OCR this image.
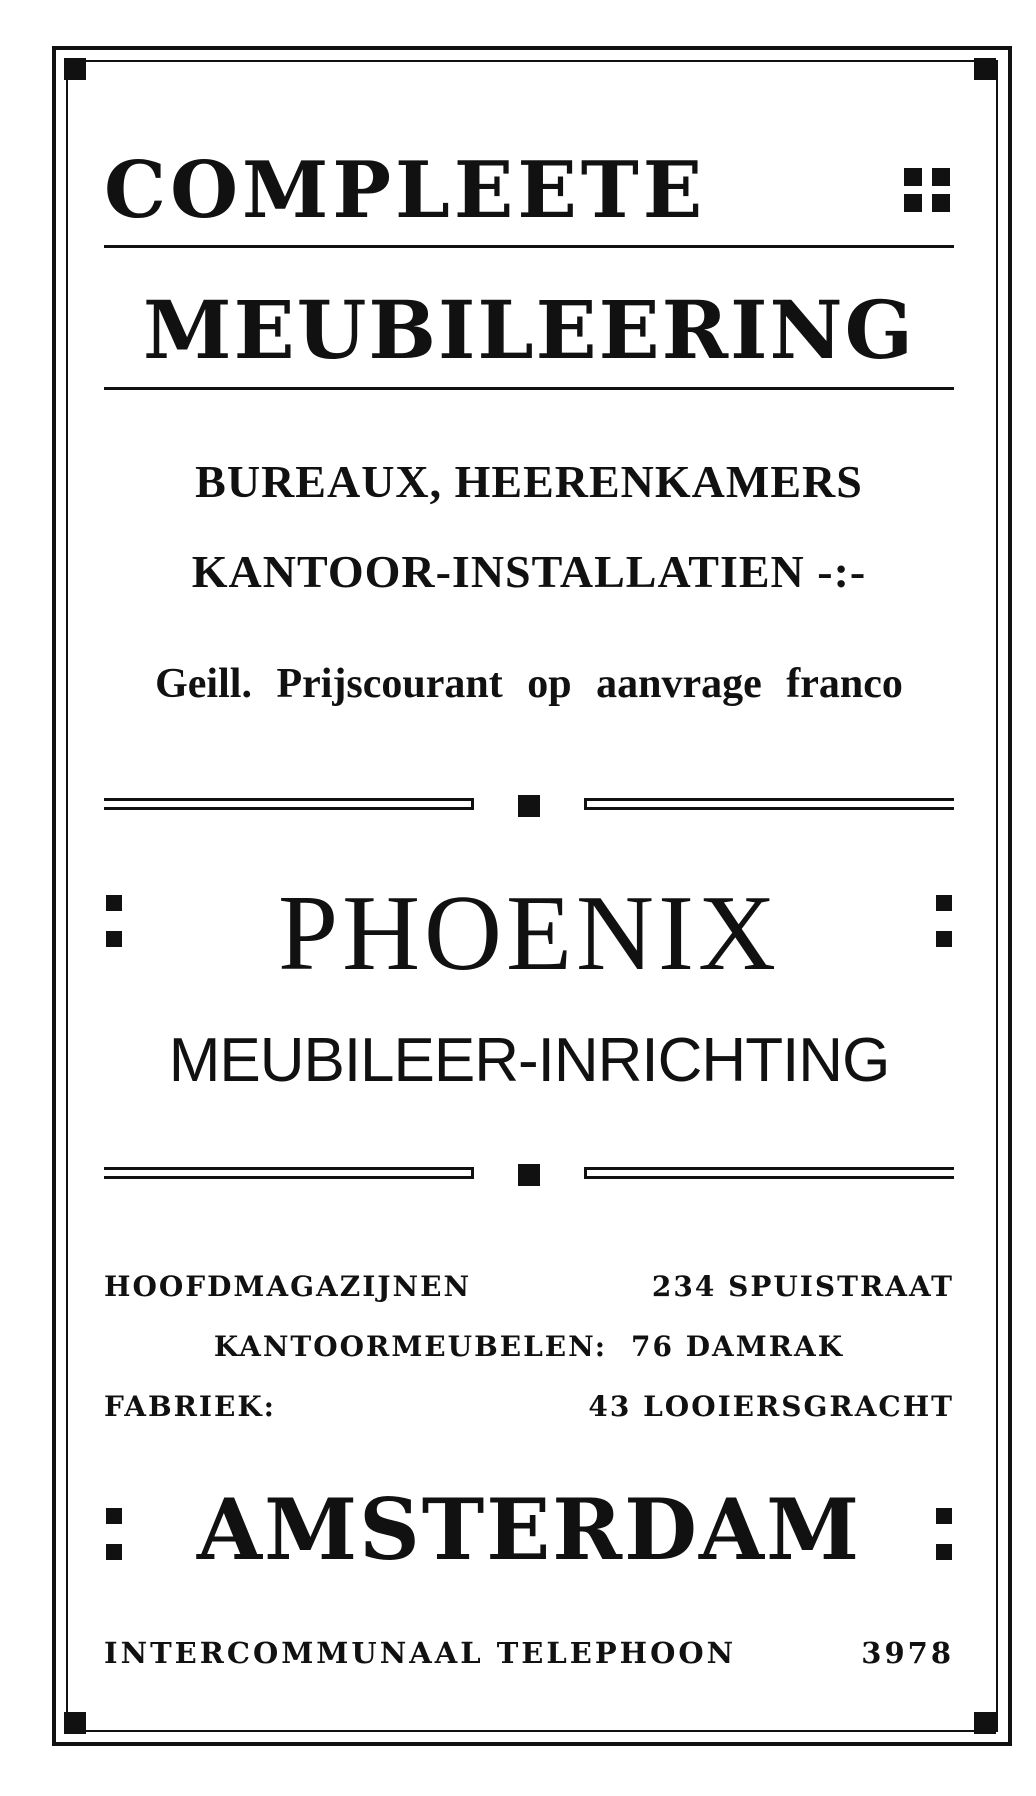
COMPLEETE
MEUBILEERING
BUREAUX, HEERENKAMERS
KANTOOR-INSTALLATIEN -:-
Geill. Prijscourant op aanvrage franco
PHOENIX
MEUBILEER-INRICHTING
HOOFDMAGAZIJNEN	234 SPUISTRAAT
KANTOORMEUBELEN: 76 DAMRAK
FABRIEK:	43 LOOIERSGRACHT
AMSTERDAM
INTERCOMMUNAAL TELEPHOON	3978
